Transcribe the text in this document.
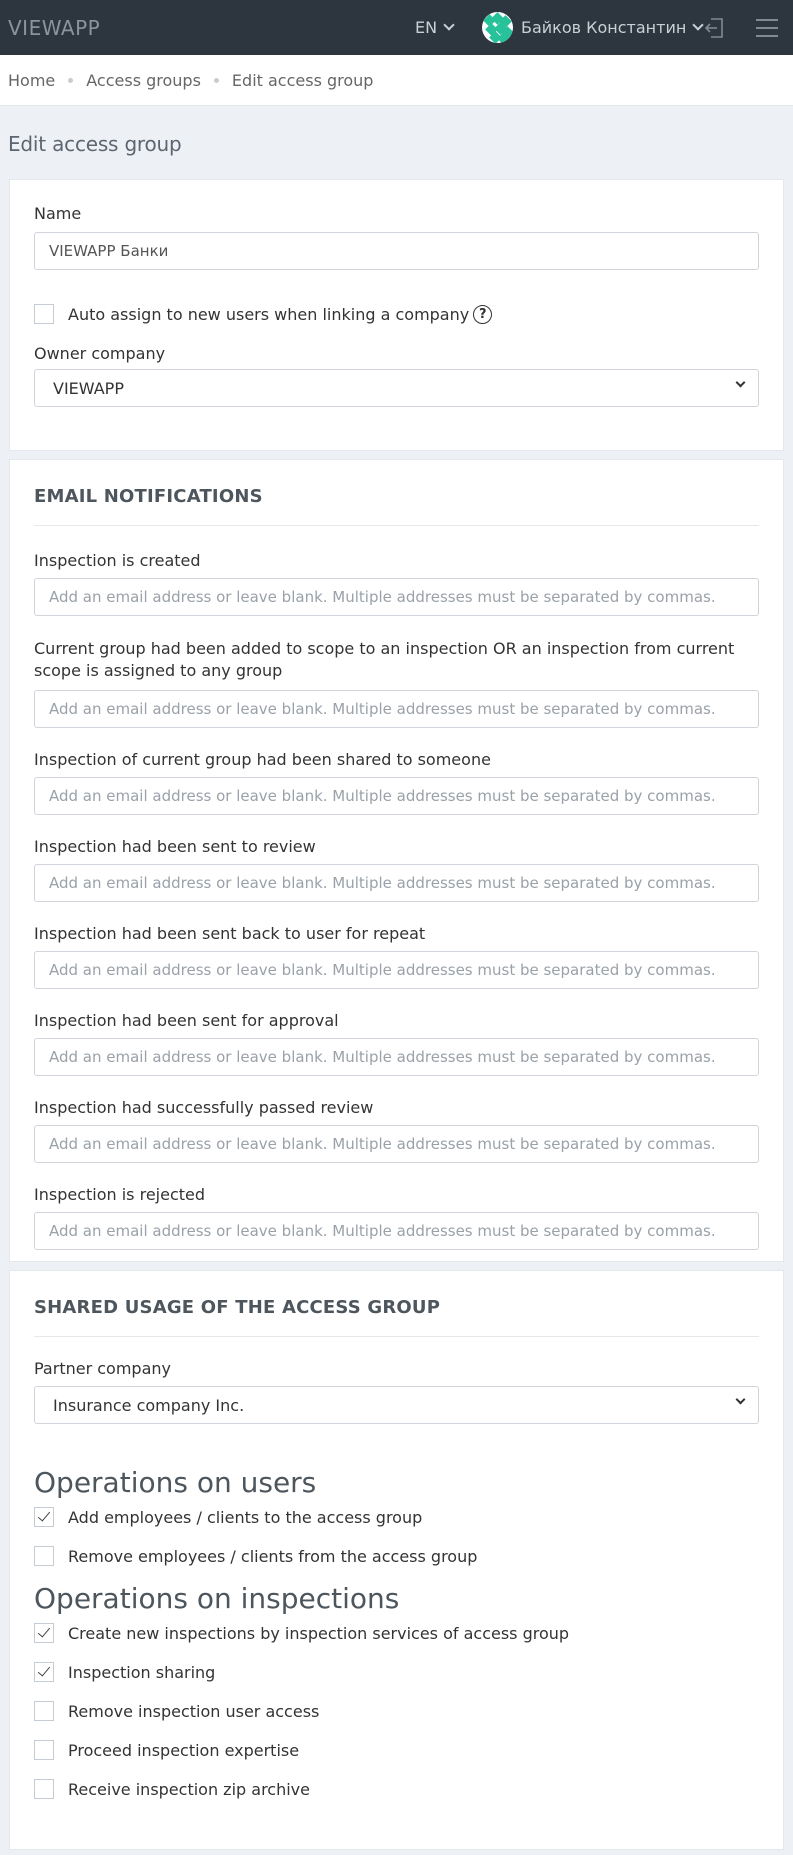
VIEWAPP	EN	Байков Константин
Home Access groups Edit access group
Edit access group
Name
VIEWAPP Банки
Auto assign to new users when linking a company ?
Owner company
VIEWAPP
EMAIL NOTIFICATIONS
Inspection is created
Add an email address or leave blank. Multiple addresses must be separated by commas.
Current group had been added to scope to an inspection OR an inspection from current scope is assigned to any group
Add an email address or leave blank. Multiple addresses must be separated by commas.
Inspection of current group had been shared to someone
Add an email address or leave blank. Multiple addresses must be separated by commas.
Inspection had been sent to review
Add an email address or leave blank. Multiple addresses must be separated by commas.
Inspection had been sent back to user for repeat
Add an email address or leave blank. Multiple addresses must be separated by commas.
Inspection had been sent for approval
Add an email address or leave blank. Multiple addresses must be separated by commas.
Inspection had successfully passed review
Add an email address or leave blank. Multiple addresses must be separated by commas.
Inspection is rejected
Add an email address or leave blank. Multiple addresses must be separated by commas.
SHARED USAGE OF THE ACCESS GROUP
Partner company
Insurance company Inc.
Operations on users
Add employees / clients to the access group
Remove employees / clients from the access group
Operations on inspections
Create new inspections by inspection services of access group
Inspection sharing
Remove inspection user access
Proceed inspection expertise
Receive inspection zip archive
